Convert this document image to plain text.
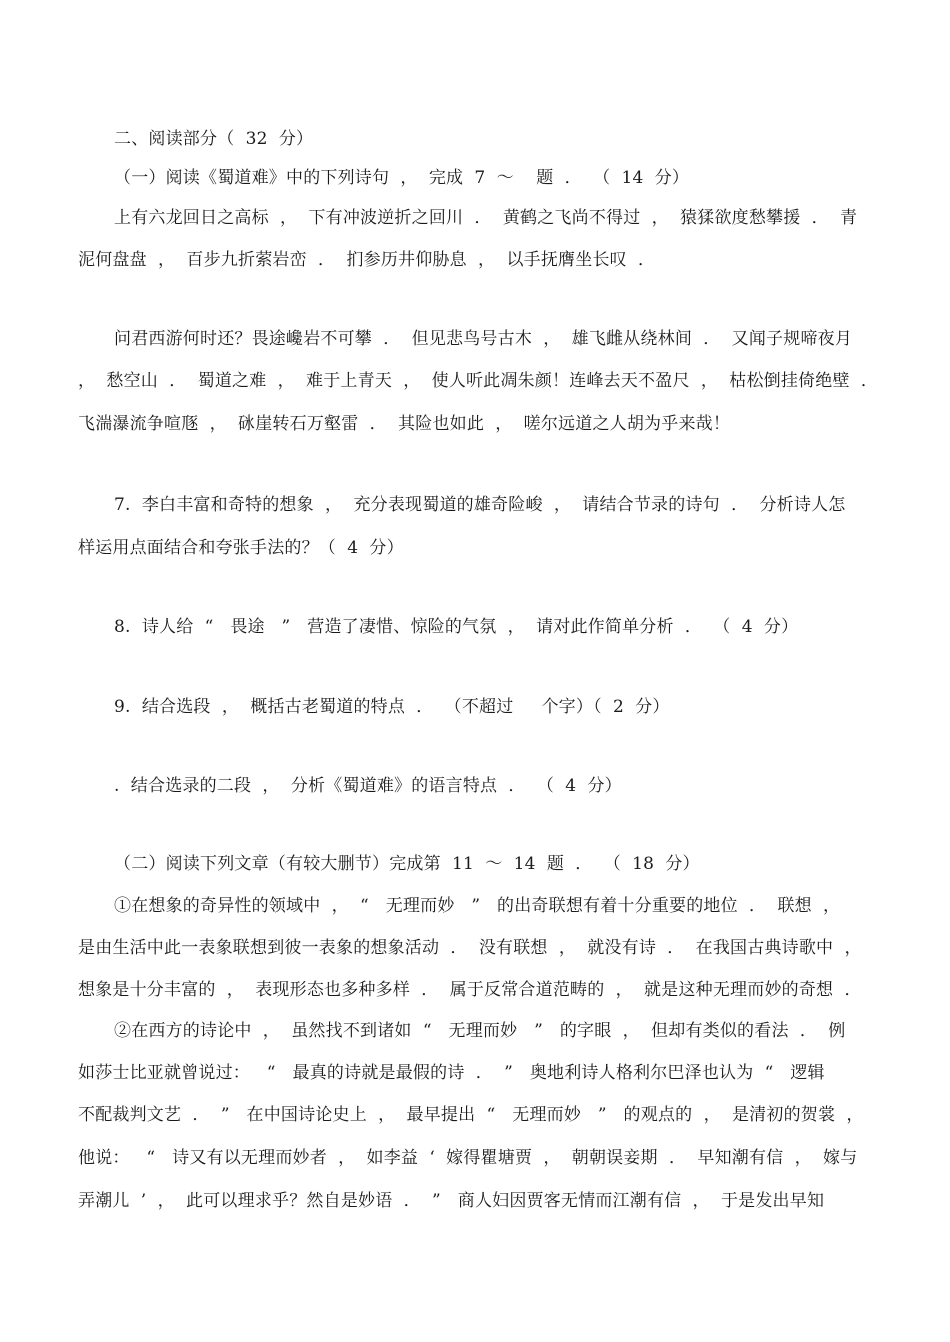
二、阅读部分（  32  分）
（一）阅读《蜀道难》中的下列诗句  ，  完成  7  ～    题  ．  （  14  分）
上有六龙回日之高标  ，  下有冲波逆折之回川  ．  黄鹤之飞尚不得过  ，  猿猱欲度愁攀援  ．  青
泥何盘盘  ，  百步九折萦岩峦  ．  扪参历井仰胁息  ，  以手抚膺坐长叹  ．
问君西游何时还？畏途巉岩不可攀  ．  但见悲鸟号古木  ，  雄飞雌从绕林间  ．  又闻子规啼夜月
，  愁空山  ．  蜀道之难  ，  难于上青天  ，  使人听此凋朱颜！连峰去天不盈尺  ，  枯松倒挂倚绝壁  ．
飞湍瀑流争喧豗  ，  砯崖转石万壑雷  ．  其险也如此  ，  嗟尔远道之人胡为乎来哉！
7.  李白丰富和奇特的想象  ，  充分表现蜀道的雄奇险峻  ，  请结合节录的诗句  ．  分析诗人怎
样运用点面结合和夸张手法的？（  4  分）
8.  诗人给  “   畏途   ”   营造了凄惜、惊险的气氛  ，  请对此作简单分析  ．  （  4  分）
9.  结合选段  ，  概括古老蜀道的特点  ．  （不超过     个字）（  2  分）
.  结合选录的二段  ，  分析《蜀道难》的语言特点  ．  （  4  分）
（二）阅读下列文章（有较大删节）完成第  11  ～  14  题  ．  （  18  分）
①在想象的奇异性的领域中  ，  “   无理而妙   ”   的出奇联想有着十分重要的地位  ．  联想  ，
是由生活中此一表象联想到彼一表象的想象活动  ．  没有联想  ，  就没有诗  ．  在我国古典诗歌中  ，
想象是十分丰富的  ，  表现形态也多种多样  ．  属于反常合道范畴的  ，  就是这种无理而妙的奇想  ．
②在西方的诗论中  ，  虽然找不到诸如  “   无理而妙   ”   的字眼  ，  但却有类似的看法  ．  例
如莎士比亚就曾说过：   “   最真的诗就是最假的诗  ．  ”   奥地利诗人格利尔巴泽也认为  “   逻辑
不配裁判文艺  ．  ”   在中国诗论史上  ，  最早提出  “   无理而妙   ”   的观点的  ，  是清初的贺裳  ，
他说：   “   诗又有以无理而妙者  ，  如李益  ‘  嫁得瞿塘贾  ，  朝朝误妾期  ．  早知潮有信  ，  嫁与
弄潮儿  ’  ，  此可以理求乎？然自是妙语  ．  ”   商人妇因贾客无情而江潮有信  ，  于是发出早知
